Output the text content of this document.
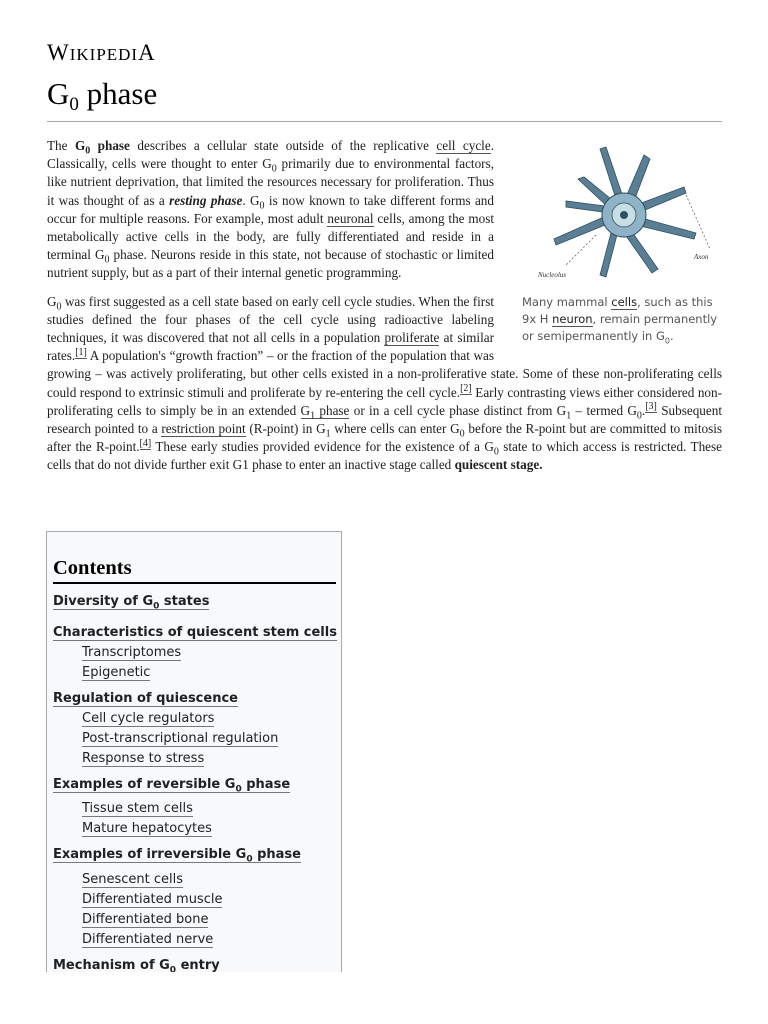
WIKIPEDIA
$G_0$ phase
Axon
Nucleolus
Many mammal cells, such as this 9x H neuron, remain permanently or semipermanently in $G_0$.

The $G_0$ phase describes a cellular state outside of the replicative cell cycle. Classically, cells were thought to enter $G_0$ primarily due to environmental factors, like nutrient deprivation, that limited the resources necessary for proliferation. Thus it was thought of as a resting phase. $G_0$ is now known to take different forms and occur for multiple reasons. For example, most adult neuronal cells, among the most metabolically active cells in the body, are fully differentiated and reside in a terminal $G_0$ phase. Neurons reside in this state, not because of stochastic or limited nutrient supply, but as a part of their internal genetic programming.

$G_0$ was first suggested as a cell state based on early cell cycle studies. When the first studies defined the four phases of the cell cycle using radioactive labeling techniques, it was discovered that not all cells in a population proliferate at similar rates.[1] A population's “growth fraction” – or the fraction of the population that was growing – was actively proliferating, but other cells existed in a non-proliferative state. Some of these non-proliferating cells could respond to extrinsic stimuli and proliferate by re-entering the cell cycle.[2] Early contrasting views either considered non-proliferating cells to simply be in an extended $G_1$ phase or in a cell cycle phase distinct from $G_1$ – termed $G_0.[3]$ Subsequent research pointed to a restriction point (R-point) in $G_1$ where cells can enter $G_0$ before the R-point but are committed to mitosis after the R-point.[4] These early studies provided evidence for the existence of a $G_0$ state to which access is restricted. These cells that do not divide further exit G1 phase to enter an inactive stage called quiescent stage.

Contents
Diversity of $G_0$ states
Characteristics of quiescent stem cells
Transcriptomes
Epigenetic
Regulation of quiescence
Cell cycle regulators
Post-transcriptional regulation
Response to stress
Examples of reversible $G_0$ phase
Tissue stem cells
Mature hepatocytes
Examples of irreversible $G_0$ phase
Senescent cells
Differentiated muscle
Differentiated bone
Differentiated nerve
Mechanism of $G_0$ entry
